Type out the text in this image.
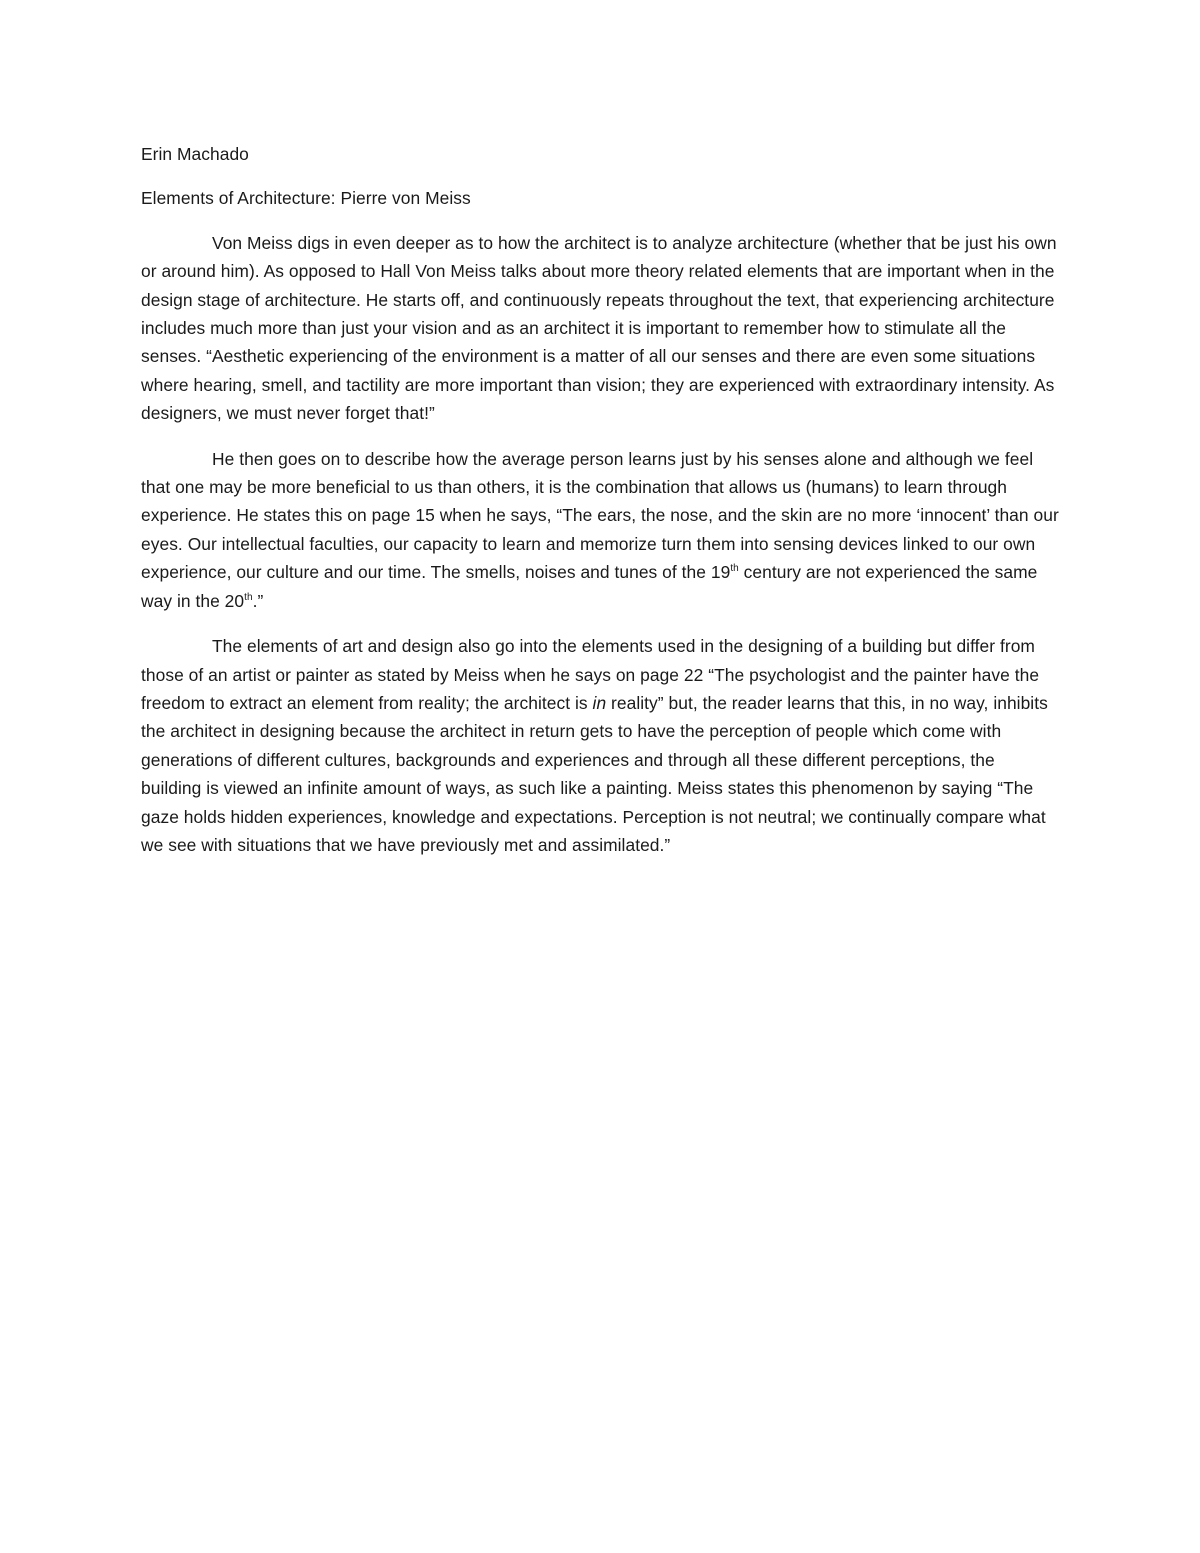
Erin Machado
Elements of Architecture: Pierre von Meiss

Von Meiss digs in even deeper as to how the architect is to analyze architecture (whether that be just his own or around him). As opposed to Hall Von Meiss talks about more theory related elements that are important when in the design stage of architecture. He starts off, and continuously repeats throughout the text, that experiencing architecture includes much more than just your vision and as an architect it is important to remember how to stimulate all the senses. “Aesthetic experiencing of the environment is a matter of all our senses and there are even some situations where hearing, smell, and tactility are more important than vision; they are experienced with extraordinary intensity. As designers, we must never forget that!”

He then goes on to describe how the average person learns just by his senses alone and although we feel that one may be more beneficial to us than others, it is the combination that allows us (humans) to learn through experience. He states this on page 15 when he says, “The ears, the nose, and the skin are no more ‘innocent’ than our eyes. Our intellectual faculties, our capacity to learn and memorize turn them into sensing devices linked to our own experience, our culture and our time. The smells, noises and tunes of the 19th century are not experienced the same way in the 20th.”

The elements of art and design also go into the elements used in the designing of a building but differ from those of an artist or painter as stated by Meiss when he says on page 22 “The psychologist and the painter have the freedom to extract an element from reality; the architect is in reality” but, the reader learns that this, in no way, inhibits the architect in designing because the architect in return gets to have the perception of people which come with generations of different cultures, backgrounds and experiences and through all these different perceptions, the building is viewed an infinite amount of ways, as such like a painting. Meiss states this phenomenon by saying “The gaze holds hidden experiences, knowledge and expectations. Perception is not neutral; we continually compare what we see with situations that we have previously met and assimilated.”
